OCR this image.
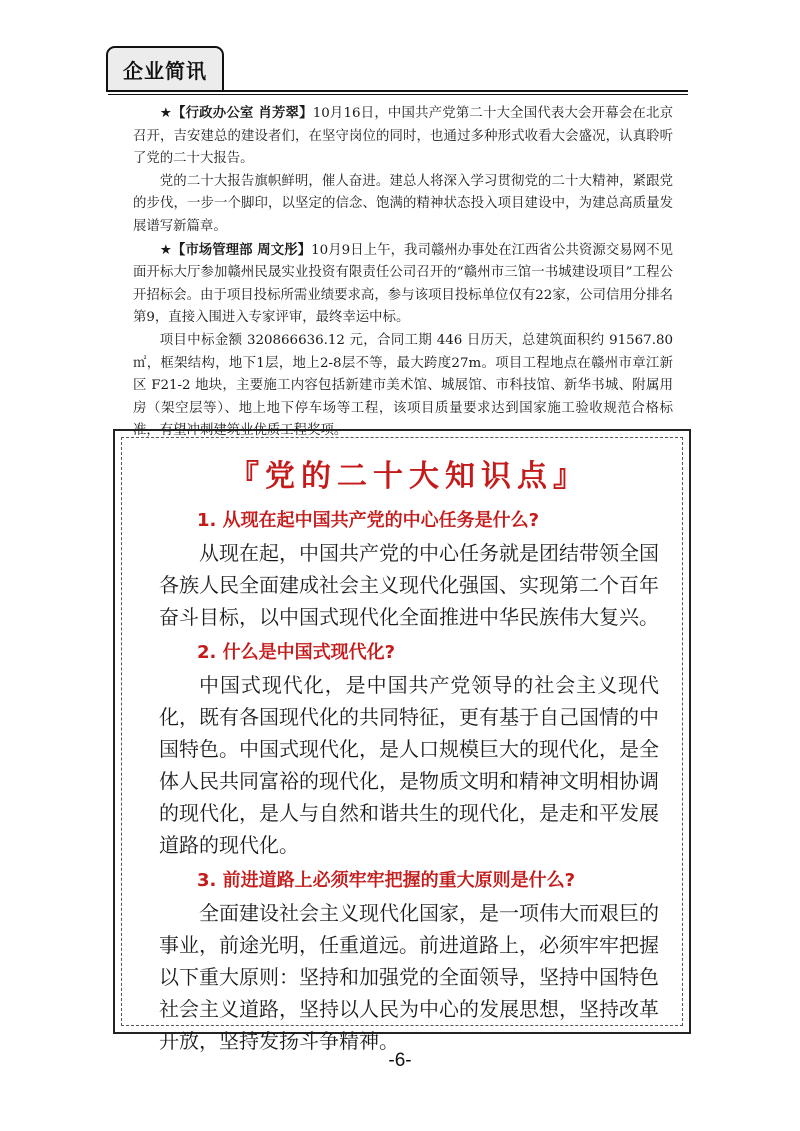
企业简讯

★【行政办公室 肖芳翠】10月16日，中国共产党第二十大全国代表大会开幕会在北京召开，吉安建总的建设者们，在坚守岗位的同时，也通过多种形式收看大会盛况，认真聆听了党的二十大报告。

党的二十大报告旗帜鲜明，催人奋进。建总人将深入学习贯彻党的二十大精神，紧跟党的步伐，一步一个脚印，以坚定的信念、饱满的精神状态投入项目建设中，为建总高质量发展谱写新篇章。

★【市场管理部 周文彤】10月9日上午，我司赣州办事处在江西省公共资源交易网不见面开标大厅参加赣州民晟实业投资有限责任公司召开的“赣州市三馆一书城建设项目”工程公开招标会。由于项目投标所需业绩要求高，参与该项目投标单位仅有22家，公司信用分排名第9，直接入围进入专家评审，最终幸运中标。

项目中标金额 320866636.12 元，合同工期 446 日历天，总建筑面积约 91567.80㎡，框架结构，地下1层，地上2-8层不等，最大跨度27m。项目工程地点在赣州市章江新区 F21-2 地块，主要施工内容包括新建市美术馆、城展馆、市科技馆、新华书城、附属用房（架空层等）、地上地下停车场等工程，该项目质量要求达到国家施工验收规范合格标准，有望冲刺建筑业优质工程奖项。

『党的二十大知识点』

1. 从现在起中国共产党的中心任务是什么?

从现在起，中国共产党的中心任务就是团结带领全国各族人民全面建成社会主义现代化强国、实现第二个百年奋斗目标，以中国式现代化全面推进中华民族伟大复兴。

2. 什么是中国式现代化?

中国式现代化，是中国共产党领导的社会主义现代化，既有各国现代化的共同特征，更有基于自己国情的中国特色。中国式现代化，是人口规模巨大的现代化，是全体人民共同富裕的现代化，是物质文明和精神文明相协调的现代化，是人与自然和谐共生的现代化，是走和平发展道路的现代化。

3. 前进道路上必须牢牢把握的重大原则是什么?

全面建设社会主义现代化国家，是一项伟大而艰巨的事业，前途光明，任重道远。前进道路上，必须牢牢把握以下重大原则：坚持和加强党的全面领导，坚持中国特色社会主义道路，坚持以人民为中心的发展思想，坚持改革开放，坚持发扬斗争精神。

-6-
